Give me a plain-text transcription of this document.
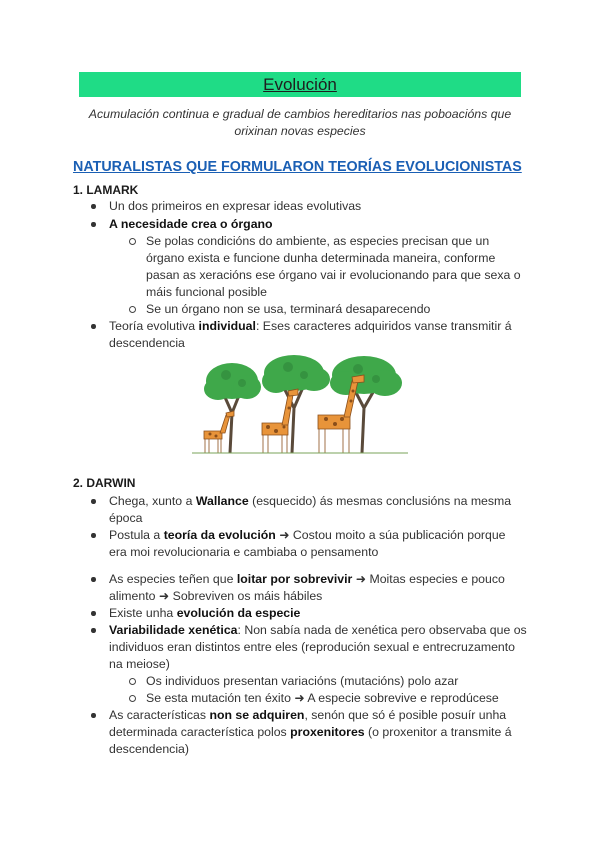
Evolución
Acumulación continua e gradual de cambios hereditarios nas poboacións que
orixinan novas especies
NATURALISTAS QUE FORMULARON TEORÍAS EVOLUCIONISTAS
1. LAMARK
Un dos primeiros en expresar ideas evolutivas
A necesidade crea o órgano
Se polas condicións do ambiente, as especies precisan que un
órgano exista e funcione dunha determinada maneira, conforme
pasan as xeracións ese órgano vai ir evolucionando para que sexa o
máis funcional posible
Se un órgano non se usa, terminará desaparecendo
Teoría evolutiva individual: Eses caracteres adquiridos vanse transmitir á
descendencia
2. DARWIN
Chega, xunto a Wallance (esquecido) ás mesmas conclusións na mesma
época
Postula a teoría da evolución ➜ Costou moito a súa publicación porque
era moi revolucionaria e cambiaba o pensamento
As especies teñen que loitar por sobrevivir ➜ Moitas especies e pouco
alimento ➜ Sobreviven os máis hábiles
Existe unha evolución da especie
Variabilidade xenética: Non sabía nada de xenética pero observaba que os
individuos eran distintos entre eles (reprodución sexual e entrecruzamento
na meiose)
Os individuos presentan variacións (mutacións) polo azar
Se esta mutación ten éxito ➜ A especie sobrevive e reprodúcese
As características non se adquiren, senón que só é posible posuír unha
determinada característica polos proxenitores (o proxenitor a transmite á
descendencia)
